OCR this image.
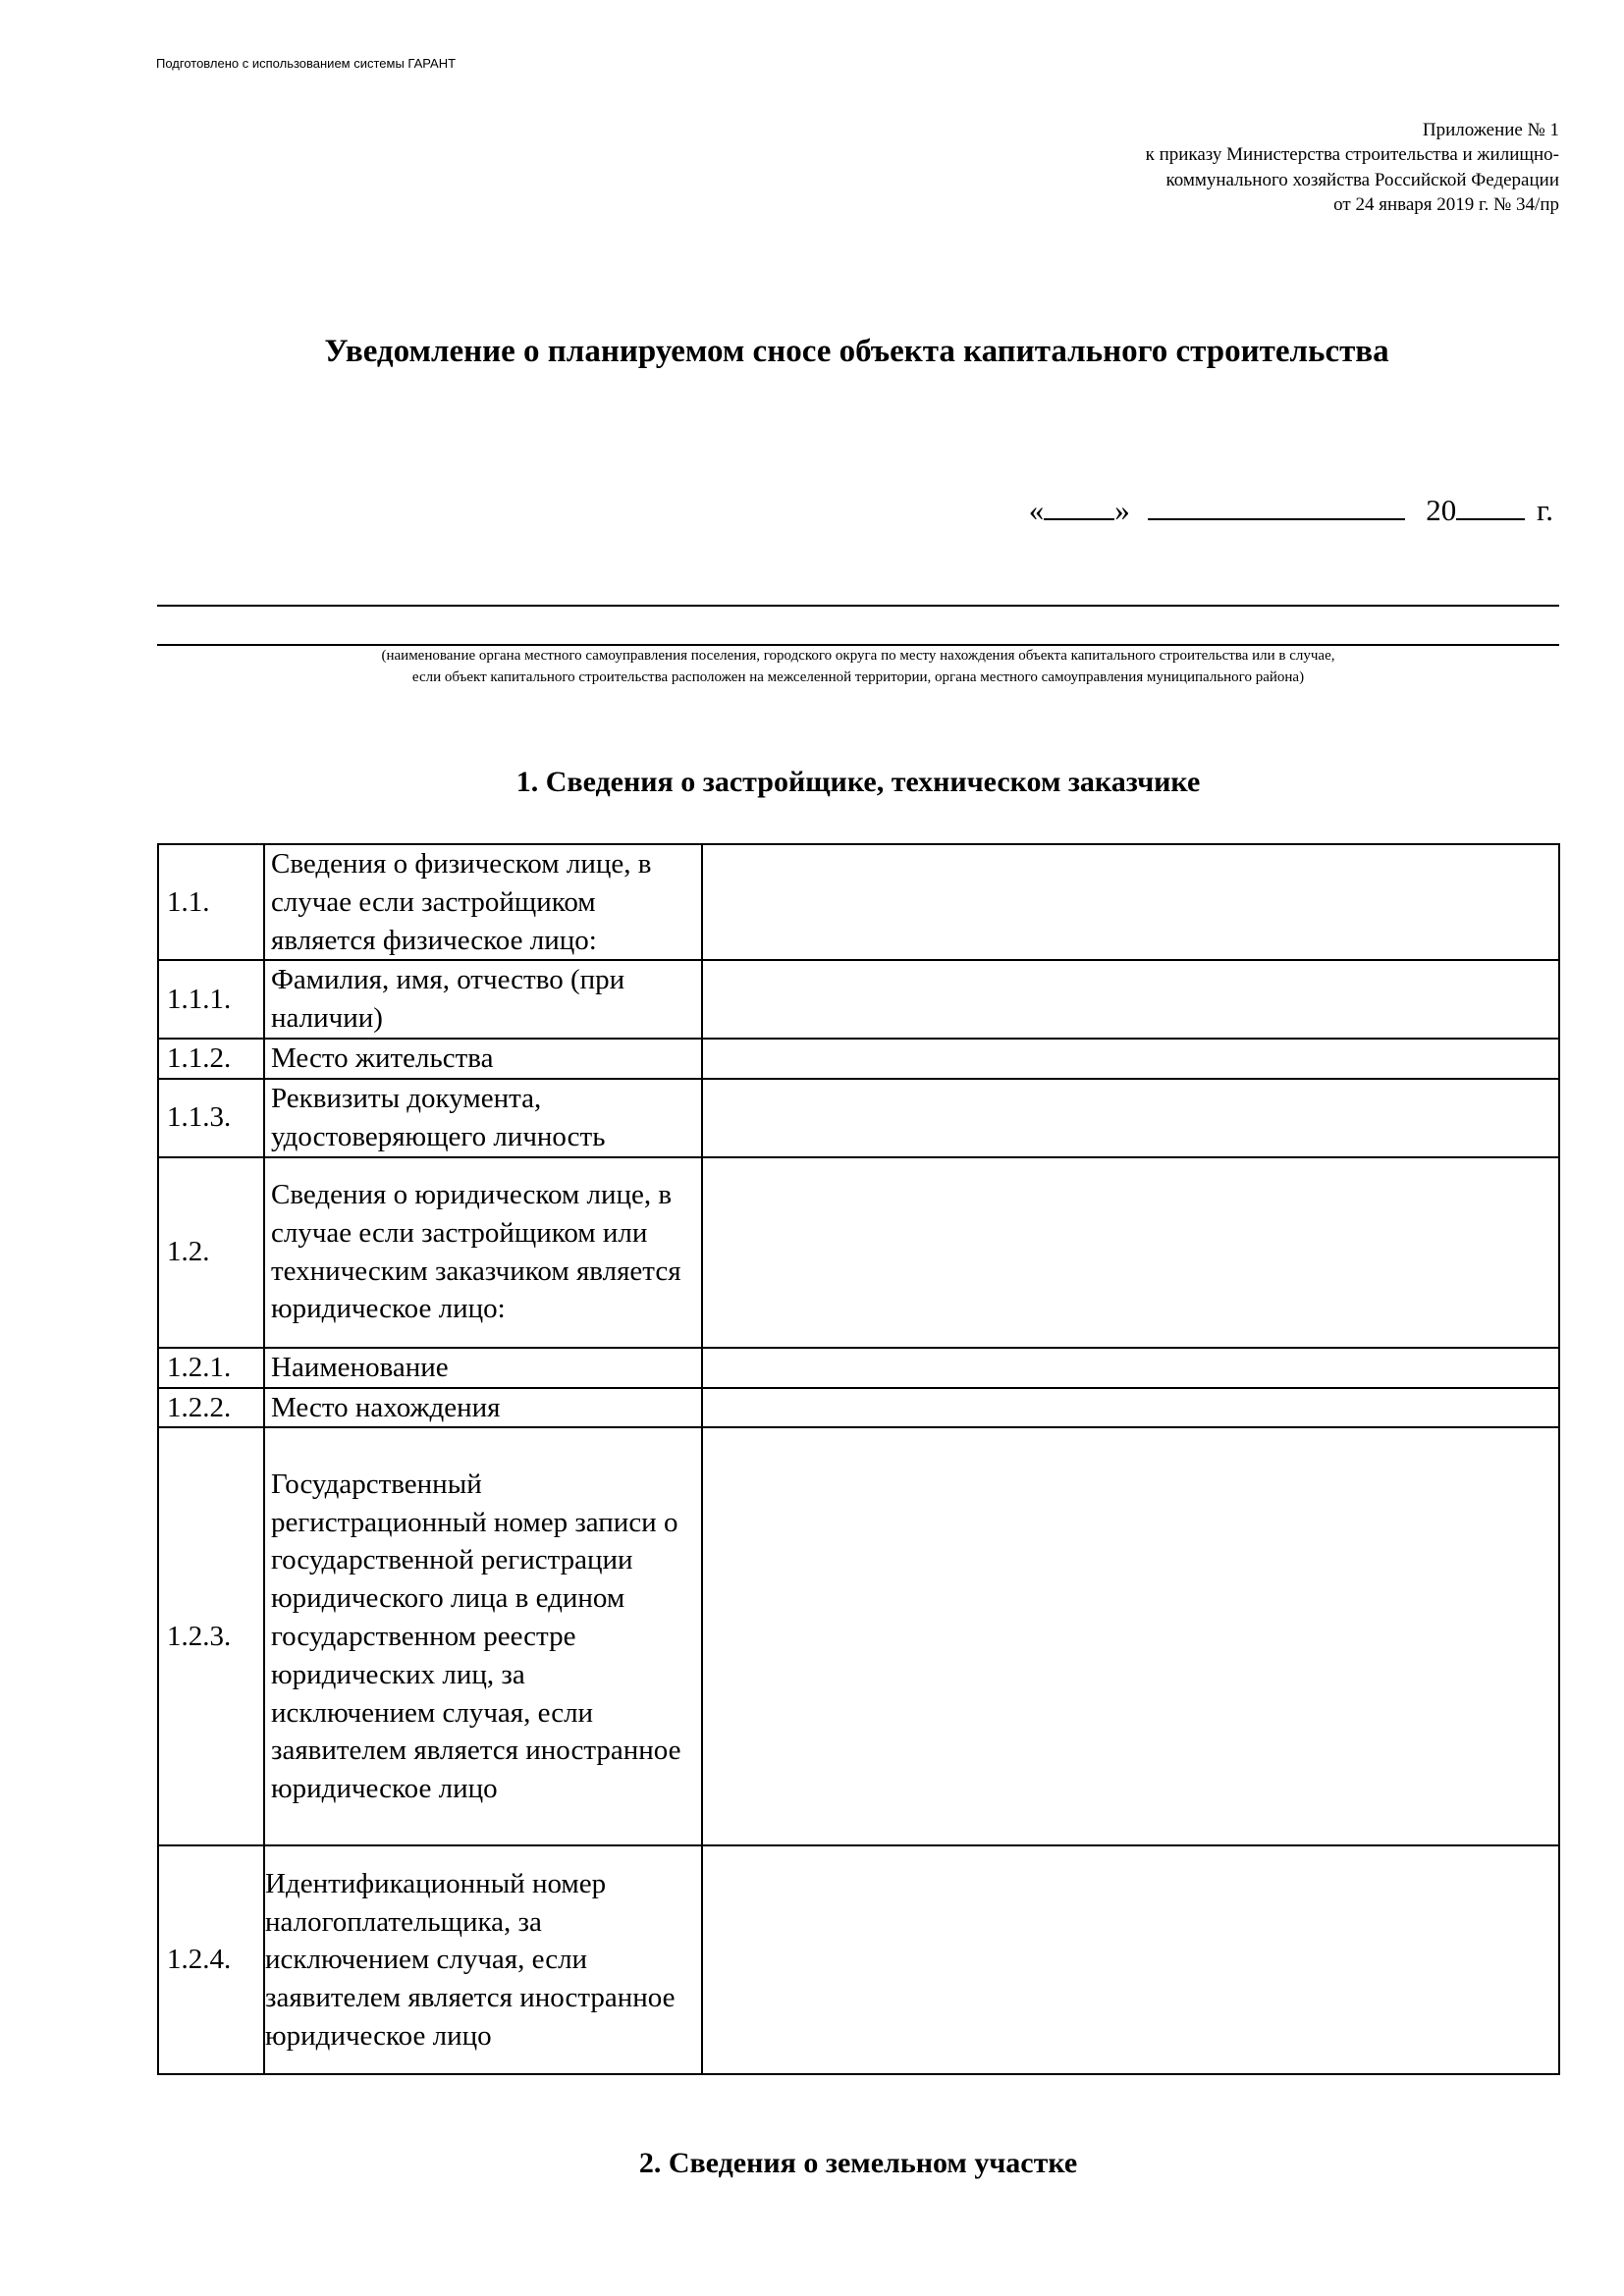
Подготовлено с использованием системы ГАРАНТ
Приложение № 1
к приказу Министерства строительства и жилищно-
коммунального хозяйства Российской Федерации
от 24 января 2019 г. № 34/пр
Уведомление о планируемом сносе объекта капитального строительства
« »	20	г.
(наименование органа местного самоуправления поселения, городского округа по месту нахождения объекта капитального строительства или в случае,
если объект капитального строительства расположен на межселенной территории, органа местного самоуправления муниципального района)
1. Сведения о застройщике, техническом заказчике
1.1.	Сведения о физическом лице, в случае если застройщиком является физическое лицо:	
1.1.1.	Фамилия, имя, отчество (при наличии)	
1.1.2.	Место жительства	
1.1.3.	Реквизиты документа, удостоверяющего личность	
1.2.	Сведения о юридическом лице, в случае если застройщиком или техническим заказчиком является юридическое лицо:	
1.2.1.	Наименование	
1.2.2.	Место нахождения	
1.2.3.	Государственный регистрационный номер записи о государственной регистрации юридического лица в едином государственном реестре юридических лиц, за исключением случая, если заявителем является иностранное юридическое лицо	
1.2.4.	Идентификационный номер налогоплательщика, за исключением случая, если заявителем является иностранное юридическое лицо	
2. Сведения о земельном участке
